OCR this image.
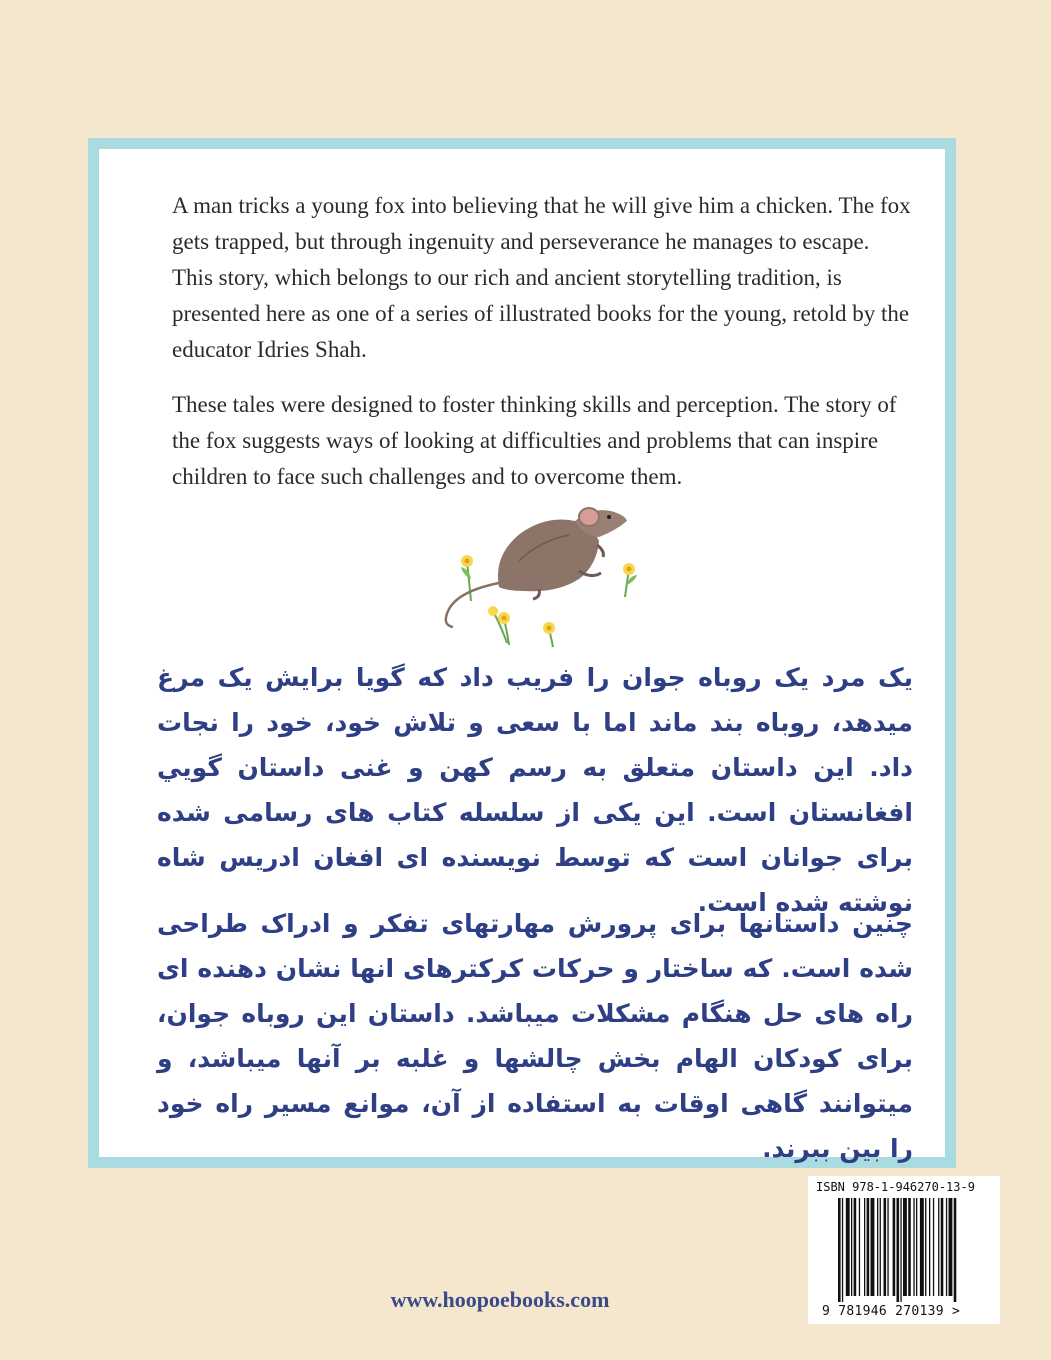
A man tricks a young fox into believing that he will give him a chicken. The fox gets trapped, but through ingenuity and perseverance he manages to escape. This story, which belongs to our rich and ancient storytelling tradition, is presented here as one of a series of illustrated books for the young, retold by the educator Idries Shah.

These tales were designed to foster thinking skills and perception. The story of the fox suggests ways of looking at difficulties and problems that can inspire children to face such challenges and to overcome them.

یک مرد یک روباه جوان را فریب داد که گویا برایش یک مرغ میدهد، روباه بند ماند اما با سعی و تلاش خود، خود را نجات داد. این داستان متعلق به رسم کهن و غنی داستان گويي افغانستان است. این یکی از سلسله کتاب های رسامی شده برای جوانان است که توسط نویسنده ای افغان ادریس شاه نوشته شده است.

چنین داستانها برای پرورش مهارتهای تفکر و ادراک طراحی شده است. که ساختار و حرکات کرکترهای انها نشان دهنده ای راه های حل هنگام مشکلات میباشد. داستان این روباه جوان، برای کودکان الهام بخش چالشها و غلبه بر آنها میباشد، و میتوانند گاهی اوقات به استفاده از آن، موانع مسیر راه خود را بین ببرند.

ISBN 978-1-946270-13-9
9 781946 270139 >
www.hoopoebooks.com
